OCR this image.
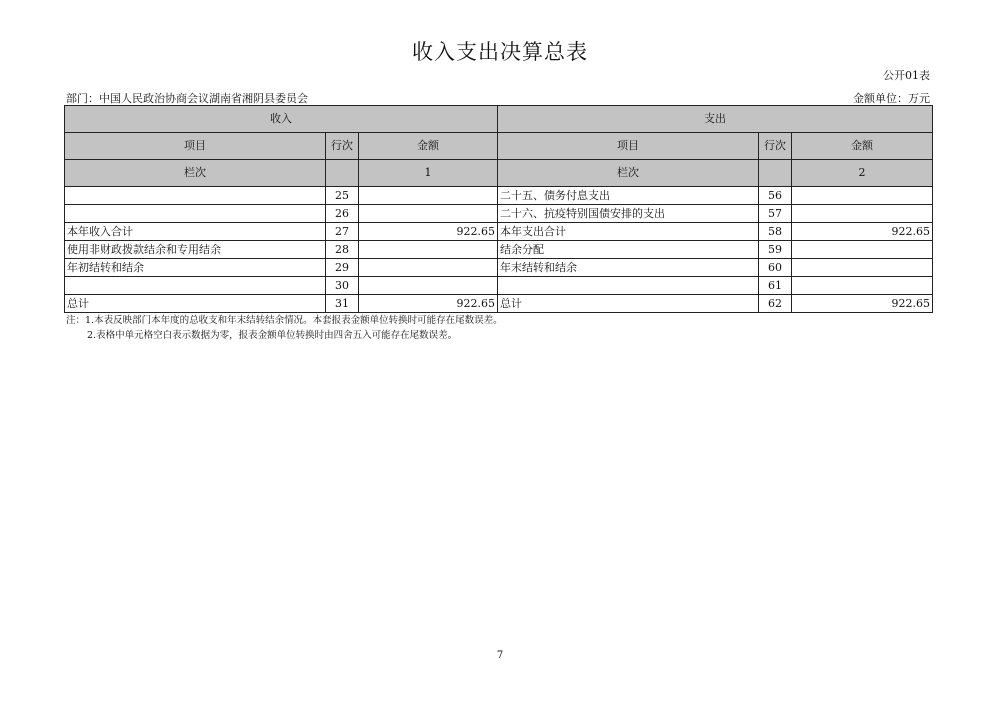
收入支出决算总表
公开01表
部门：中国人民政治协商会议湖南省湘阴县委员会	金额单位：万元
收入			支出		
项目	行次	金额	项目	行次	金额
栏次		1	栏次		2
	25		二十五、债务付息支出	56	
	26		二十六、抗疫特别国债安排的支出	57	
本年收入合计	27	922.65	本年支出合计	58	922.65
使用非财政拨款结余和专用结余	28		结余分配	59	
年初结转和结余	29		年末结转和结余	60	
	30			61	
总计	31	922.65	总计	62	922.65
注：1.本表反映部门本年度的总收支和年末结转结余情况。本套报表金额单位转换时可能存在尾数误差。
2.表格中单元格空白表示数据为零，报表金额单位转换时由四舍五入可能存在尾数误差。
7
